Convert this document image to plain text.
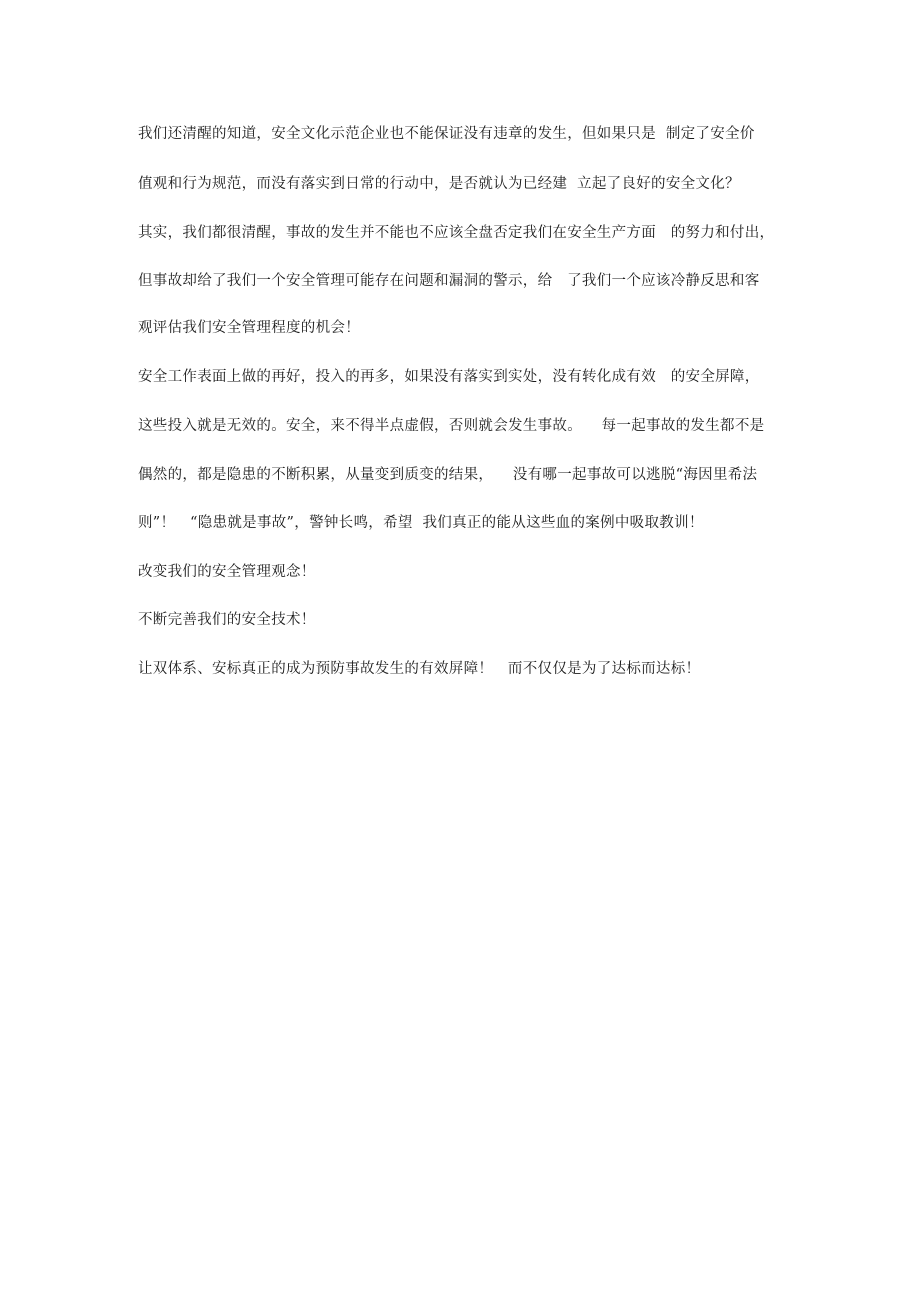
我们还清醒的知道，安全文化示范企业也不能保证没有违章的发生，但如果只是  制定了安全价

值观和行为规范，而没有落实到日常的行动中，是否就认为已经建  立起了良好的安全文化？

其实，我们都很清醒，事故的发生并不能也不应该全盘否定我们在安全生产方面   的努力和付出，

但事故却给了我们一个安全管理可能存在问题和漏洞的警示，给   了我们一个应该冷静反思和客

观评估我们安全管理程度的机会！

安全工作表面上做的再好，投入的再多，如果没有落实到实处，没有转化成有效   的安全屏障，

这些投入就是无效的。安全，来不得半点虚假，否则就会发生事故。    每一起事故的发生都不是

偶然的，都是隐患的不断积累，从量变到质变的结果，    没有哪一起事故可以逃脱“海因里希法

则”！   “隐患就是事故”，警钟长鸣，希望  我们真正的能从这些血的案例中吸取教训！

改变我们的安全管理观念！

不断完善我们的安全技术！

让双体系、安标真正的成为预防事故发生的有效屏障！   而不仅仅是为了达标而达标！
